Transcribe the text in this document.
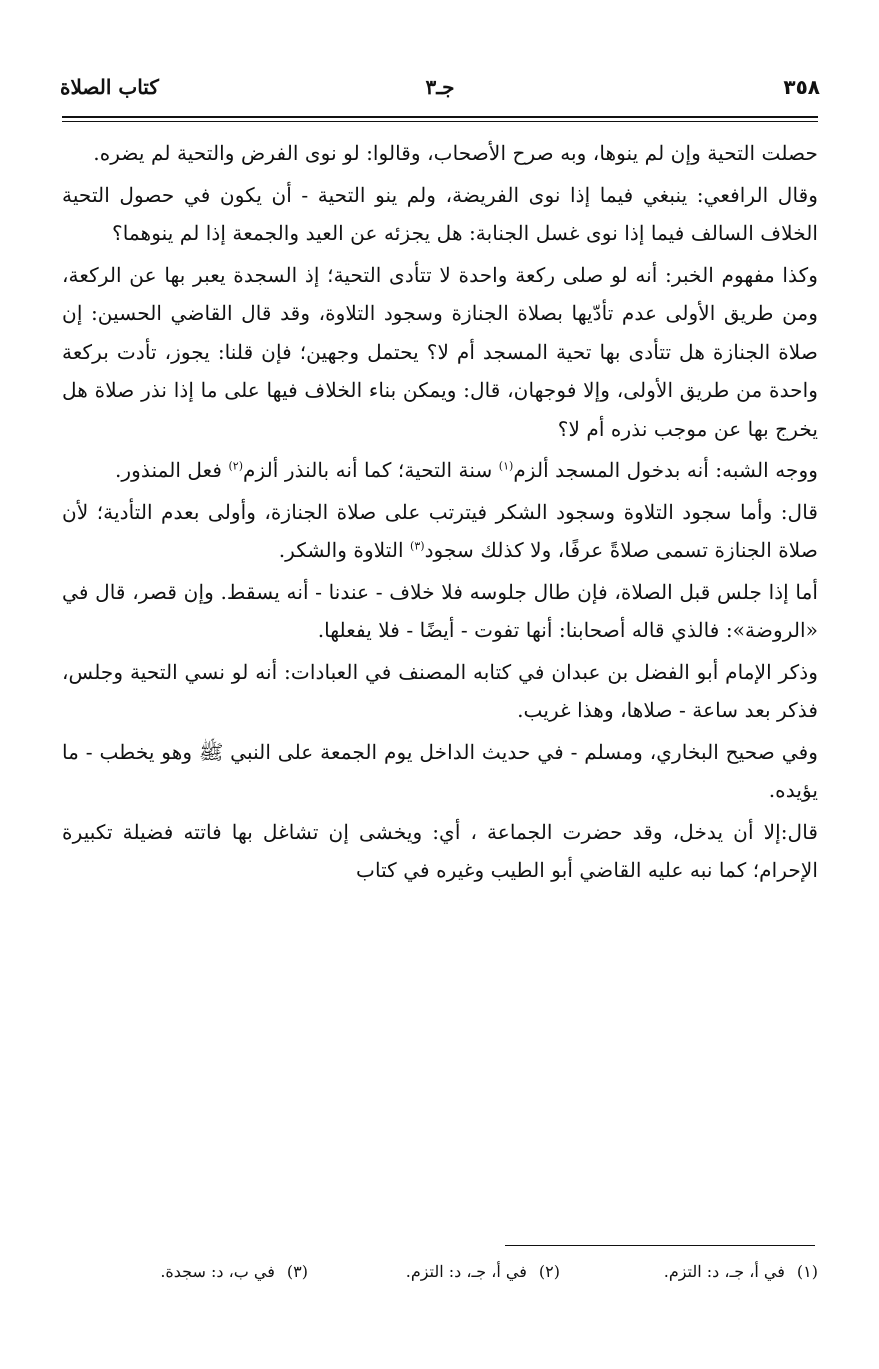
٣٥٨
جـ٣
كتاب الصلاة

حصلت التحية وإن لم ينوها، وبه صرح الأصحاب، وقالوا: لو نوى الفرض والتحية لم يضره.

وقال الرافعي: ينبغي فيما إذا نوى الفريضة، ولم ينو التحية - أن يكون في حصول التحية الخلاف السالف فيما إذا نوى غسل الجنابة: هل يجزئه عن العيد والجمعة إذا لم ينوهما؟

وكذا مفهوم الخبر: أنه لو صلى ركعة واحدة لا تتأدى التحية؛ إذ السجدة يعبر بها عن الركعة، ومن طريق الأولى عدم تأدّيها بصلاة الجنازة وسجود التلاوة، وقد قال القاضي الحسين: إن صلاة الجنازة هل تتأدى بها تحية المسجد أم لا؟ يحتمل وجهين؛ فإن قلنا: يجوز، تأدت بركعة واحدة من طريق الأولى، وإلا فوجهان، قال: ويمكن بناء الخلاف فيها على ما إذا نذر صلاة هل يخرج بها عن موجب نذره أم لا؟

ووجه الشبه: أنه بدخول المسجد ألزم$^{(١)}$ سنة التحية؛ كما أنه بالنذر ألزم$^{(٢)}$ فعل المنذور.

قال: وأما سجود التلاوة وسجود الشكر فيترتب على صلاة الجنازة، وأولى بعدم التأدية؛ لأن صلاة الجنازة تسمى صلاةً عرفًا، ولا كذلك سجود$^{(٣)}$ التلاوة والشكر.

أما إذا جلس قبل الصلاة، فإن طال جلوسه فلا خلاف - عندنا - أنه يسقط. وإن قصر، قال في «الروضة»: فالذي قاله أصحابنا: أنها تفوت - أيضًا - فلا يفعلها.

وذكر الإمام أبو الفضل بن عبدان في كتابه المصنف في العبادات: أنه لو نسي التحية وجلس، فذكر بعد ساعة - صلاها، وهذا غريب.

وفي صحيح البخاري، ومسلم - في حديث الداخل يوم الجمعة على النبي ﷺ وهو يخطب - ما يؤيده.

قال:إلا أن يدخل، وقد حضرت الجماعة ، أي: ويخشى إن تشاغل بها فاتته فضيلة تكبيرة الإحرام؛ كما نبه عليه القاضي أبو الطيب وغيره في كتاب

(١)في أ، جـ، د: التزم.
(٢)في أ، جـ، د: التزم.
(٣)في ب، د: سجدة.
